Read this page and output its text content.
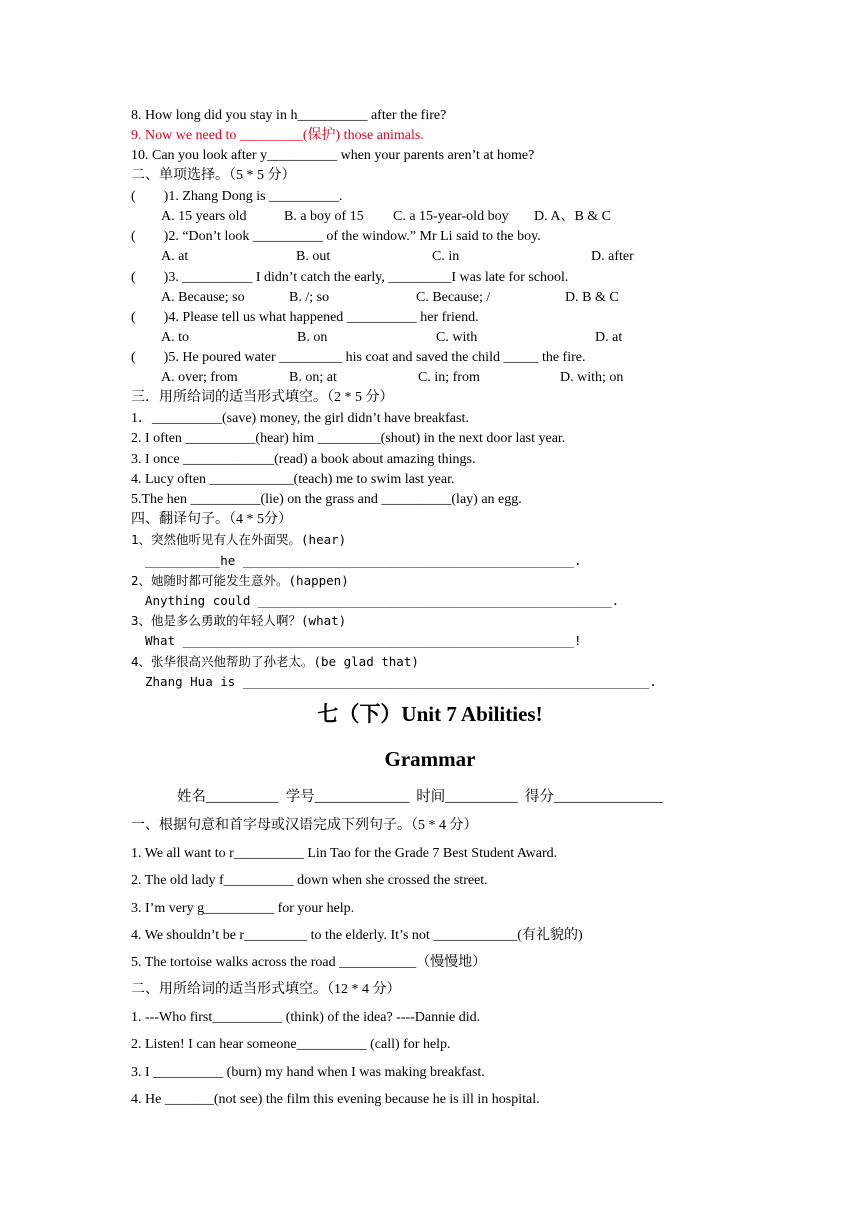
8. How long did you stay in h__________ after the fire?
9. Now we need to _________(保护) those animals.
10. Can you look after y__________ when your parents aren’t at home?
二、单项选择。（5 * 5 分）
(        )1. Zhang Dong is __________.
A. 15 years old	B. a boy of 15 C. a 15-year-old boy D. A、B & C
(        )2. “Don’t look __________ of the window.” Mr Li said to the boy.
A. at	B. out	C. in	D. after
(        )3. __________ I didn’t catch the early, _________I was late for school.
A. Because; so	B. /; so	C. Because; /	D. B & C
(        )4. Please tell us what happened __________ her friend.
A. to	B. on	C. with	D. at
(        )5. He poured water _________ his coat and saved the child _____ the fire.
A. over; from	B. on; at	C. in; from	D. with; on
三．用所给词的适当形式填空。（2 * 5 分）
1．__________(save) money, the girl didn’t have breakfast.
2. I often __________(hear) him _________(shout) in the next door last year.
3. I once _____________(read) a book about amazing things.
4. Lucy often ____________(teach) me to swim last year.
5.The hen __________(lie) on the grass and __________(lay) an egg.
四、翻译句子。（4 * 5分）
1、突然他听见有人在外面哭。(hear)
__________he ____________________________________________.
2、她随时都可能发生意外。(happen)
Anything could _______________________________________________.
3、他是多么勇敢的年轻人啊？(what)
What ____________________________________________________!
4、张华很高兴他帮助了孙老太。(be glad that)
Zhang Hua is ______________________________________________________.
七（下）Unit 7 Abilities!
Grammar
姓名__________  学号_____________  时间__________  得分_______________
一、根据句意和首字母或汉语完成下列句子。（5 * 4 分）
1. We all want to r__________ Lin Tao for the Grade 7 Best Student Award.
2. The old lady f__________ down when she crossed the street.
3. I’m very g__________ for your help.
4. We shouldn’t be r_________ to the elderly. It’s not ____________(有礼貌的)
5. The tortoise walks across the road ___________（慢慢地）
二、用所给词的适当形式填空。（12 * 4 分）
1. ---Who first__________ (think) of the idea? ----Dannie did.
2. Listen! I can hear someone__________ (call) for help.
3. I __________ (burn) my hand when I was making breakfast.
4. He _______(not see) the film this evening because he is ill in hospital.
